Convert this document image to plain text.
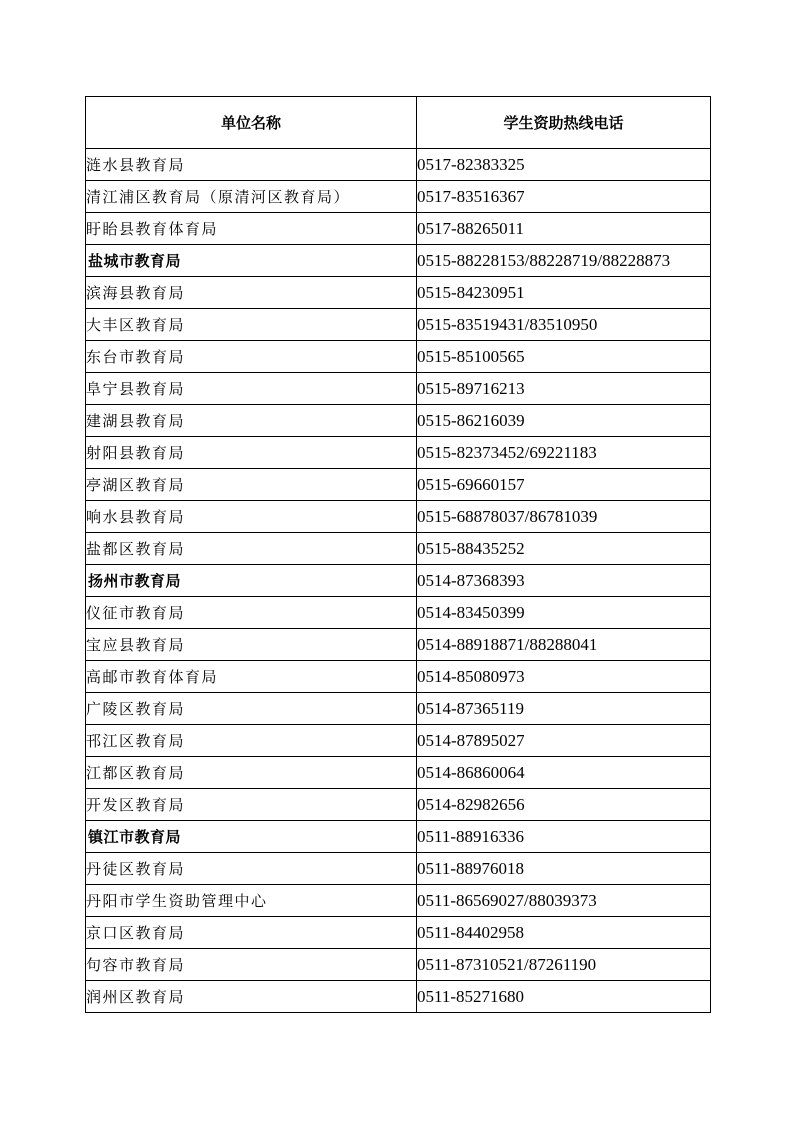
单位名称	学生资助热线电话
涟水县教育局	0517-82383325
清江浦区教育局（原清河区教育局）	0517-83516367
盱眙县教育体育局	0517-88265011
盐城市教育局	0515-88228153/88228719/88228873
滨海县教育局	0515-84230951
大丰区教育局	0515-83519431/83510950
东台市教育局	0515-85100565
阜宁县教育局	0515-89716213
建湖县教育局	0515-86216039
射阳县教育局	0515-82373452/69221183
亭湖区教育局	0515-69660157
响水县教育局	0515-68878037/86781039
盐都区教育局	0515-88435252
扬州市教育局	0514-87368393
仪征市教育局	0514-83450399
宝应县教育局	0514-88918871/88288041
高邮市教育体育局	0514-85080973
广陵区教育局	0514-87365119
邗江区教育局	0514-87895027
江都区教育局	0514-86860064
开发区教育局	0514-82982656
镇江市教育局	0511-88916336
丹徒区教育局	0511-88976018
丹阳市学生资助管理中心	0511-86569027/88039373
京口区教育局	0511-84402958
句容市教育局	0511-87310521/87261190
润州区教育局	0511-85271680
